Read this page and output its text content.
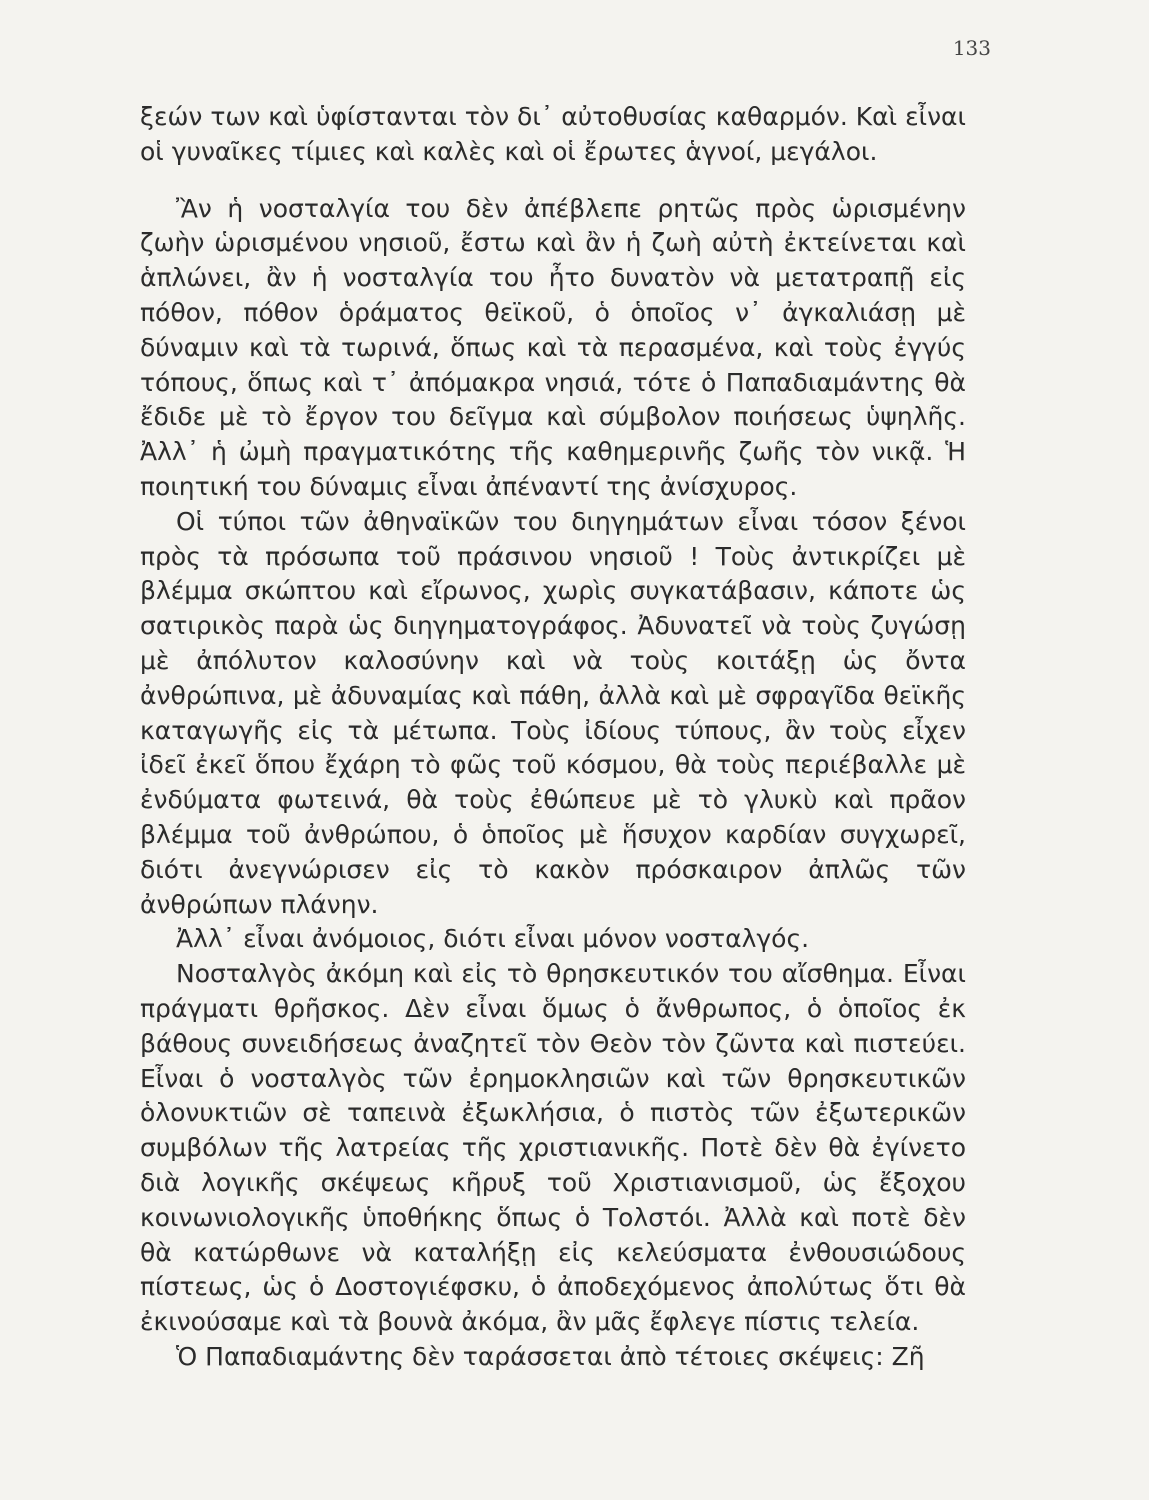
133

ξεών των καὶ ὑφίστανται τὸν δι᾽ αὐτοθυσίας καθαρμόν. Καὶ εἶναι οἱ γυναῖκες τίμιες καὶ καλὲς καὶ οἱ ἔρωτες ἁγνοί, μεγάλοι.

Ἂν ἡ νοσταλγία του δὲν ἀπέβλεπε ρητῶς πρὸς ὡρισμένην ζωὴν ὡρισμένου νησιοῦ, ἔστω καὶ ἂν ἡ ζωὴ αὐτὴ ἐκτείνεται καὶ ἁπλώνει, ἂν ἡ νοσταλγία του ἦτο δυνατὸν νὰ μετατραπῇ εἰς πόθον, πόθον ὁράματος θεϊκοῦ, ὁ ὁποῖος ν᾽ ἀγκαλιάσῃ μὲ δύναμιν καὶ τὰ τωρινά, ὅπως καὶ τὰ περασμένα, καὶ τοὺς ἐγγύς τόπους, ὅπως καὶ τ᾽ ἀπόμακρα νησιά, τότε ὁ Παπαδιαμάντης θὰ ἔδιδε μὲ τὸ ἔργον του δεῖγμα καὶ σύμβολον ποιήσεως ὑψηλῆς. Ἀλλ᾽ ἡ ὠμὴ πραγματικότης τῆς καθημερινῆς ζωῆς τὸν νικᾷ. Ἡ ποιητική του δύναμις εἶναι ἀπέναντί της ἀνίσχυρος.

Οἱ τύποι τῶν ἀθηναϊκῶν του διηγημάτων εἶναι τόσον ξένοι πρὸς τὰ πρόσωπα τοῦ πράσινου νησιοῦ ! Τοὺς ἀντικρίζει μὲ βλέμμα σκώπτου καὶ εἴρωνος, χωρὶς συγκατάβασιν, κάποτε ὡς σατιρικὸς παρὰ ὡς διηγηματογράφος. Ἀδυνατεῖ νὰ τοὺς ζυγώσῃ μὲ ἀπόλυτον καλοσύνην καὶ νὰ τοὺς κοιτάξῃ ὡς ὄντα ἀνθρώπινα, μὲ ἀδυναμίας καὶ πάθη, ἀλλὰ καὶ μὲ σφραγῖδα θεϊκῆς καταγωγῆς εἰς τὰ μέτωπα. Τοὺς ἰδίους τύπους, ἂν τοὺς εἶχεν ἰδεῖ ἐκεῖ ὅπου ἔχάρη τὸ φῶς τοῦ κόσμου, θὰ τοὺς περιέβαλλε μὲ ἐνδύματα φωτεινά, θὰ τοὺς ἐθώπευε μὲ τὸ γλυκὺ καὶ πρᾶον βλέμμα τοῦ ἀνθρώπου, ὁ ὁποῖος μὲ ἥσυχον καρδίαν συγχωρεῖ, διότι ἀνεγνώρισεν εἰς τὸ κακὸν πρόσκαιρον ἀπλῶς τῶν ἀνθρώπων πλάνην.

Ἀλλ᾽ εἶναι ἀνόμοιος, διότι εἶναι μόνον νοσταλγός.

Νοσταλγὸς ἀκόμη καὶ εἰς τὸ θρησκευτικόν του αἴσθημα. Εἶναι πράγματι θρῆσκος. Δὲν εἶναι ὅμως ὁ ἄνθρωπος, ὁ ὁποῖος ἐκ βάθους συνειδήσεως ἀναζητεῖ τὸν Θεὸν τὸν ζῶντα καὶ πιστεύει. Εἶναι ὁ νοσταλγὸς τῶν ἐρημοκλησιῶν καὶ τῶν θρησκευτικῶν ὁλονυκτιῶν σὲ ταπεινὰ ἐξωκλήσια, ὁ πιστὸς τῶν ἐξωτερικῶν συμβόλων τῆς λατρείας τῆς χριστιανικῆς. Ποτὲ δὲν θὰ ἐγίνετο διὰ λογικῆς σκέψεως κῆρυξ τοῦ Χριστιανισμοῦ, ὡς ἔξοχου κοινωνιολογικῆς ὑποθήκης ὅπως ὁ Τολστόι. Ἀλλὰ καὶ ποτὲ δὲν θὰ κατώρθωνε νὰ καταλήξῃ εἰς κελεύσματα ἐνθουσιώδους πίστεως, ὡς ὁ Δοστογιέφσκυ, ὁ ἀποδεχόμενος ἀπολύτως ὅτι θὰ ἐκινούσαμε καὶ τὰ βουνὰ ἀκόμα, ἂν μᾶς ἔφλεγε πίστις τελεία.

Ὁ Παπαδιαμάντης δὲν ταράσσεται ἀπὸ τέτοιες σκέψεις: Ζῆ
